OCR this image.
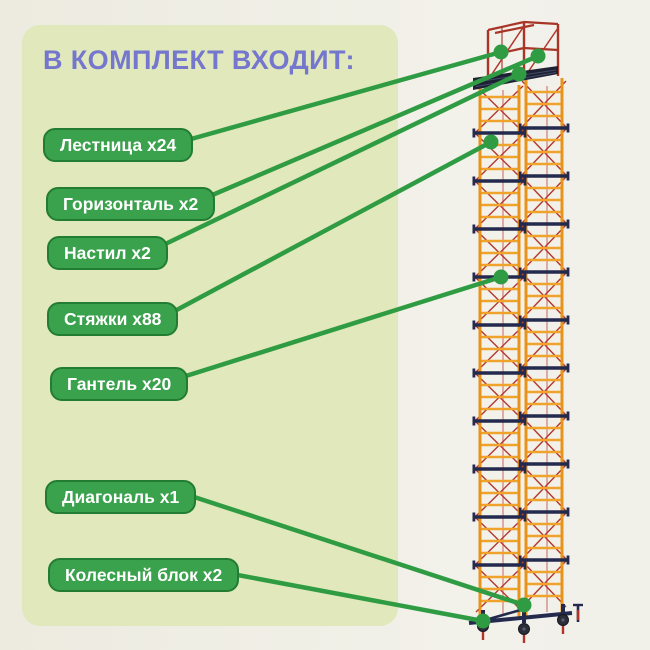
В КОМПЛЕКТ ВХОДИТ:
Лестница x24
Горизонталь x2
Настил x2
Стяжки x88
Гантель x20
Диагональ x1
Колесный блок x2
